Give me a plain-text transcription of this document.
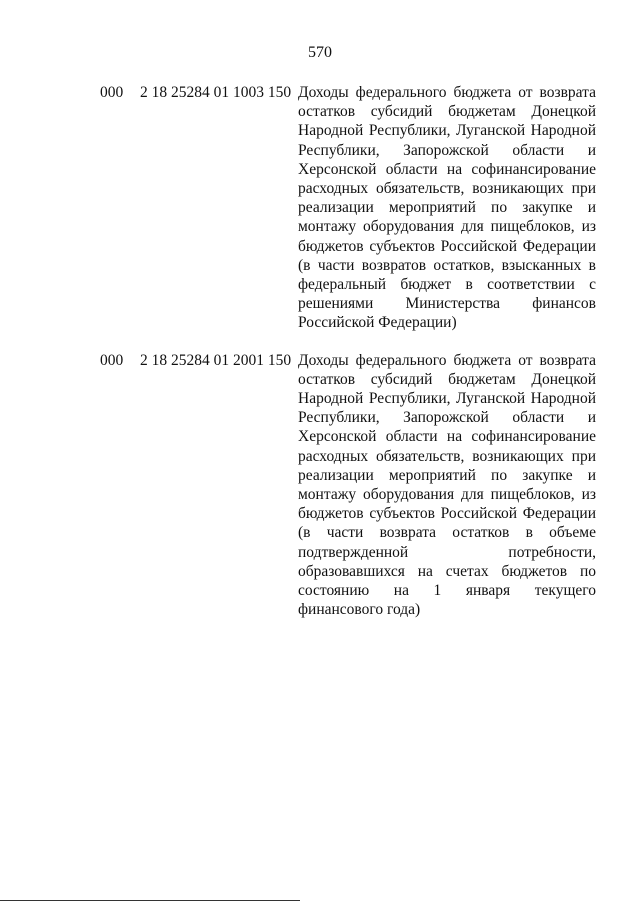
570
000 2 18 25284 01 1003 150 Доходы федерального бюджета от возврата остатков субсидий бюджетам Донецкой Народной Республики, Луганской Народной Республики, Запорожской области и Херсонской области на софинансирование расходных обязательств, возникающих при реализации мероприятий по закупке и монтажу оборудования для пищеблоков, из бюджетов субъектов Российской Федерации (в части возвратов остатков, взысканных в федеральный бюджет в соответствии с решениями Министерства финансов Российской Федерации)
000 2 18 25284 01 2001 150 Доходы федерального бюджета от возврата остатков субсидий бюджетам Донецкой Народной Республики, Луганской Народной Республики, Запорожской области и Херсонской области на софинансирование расходных обязательств, возникающих при реализации мероприятий по закупке и монтажу оборудования для пищеблоков, из бюджетов субъектов Российской Федерации (в части возврата остатков в объеме подтвержденной потребности, образовавшихся на счетах бюджетов по состоянию на 1 января текущего финансового года)
